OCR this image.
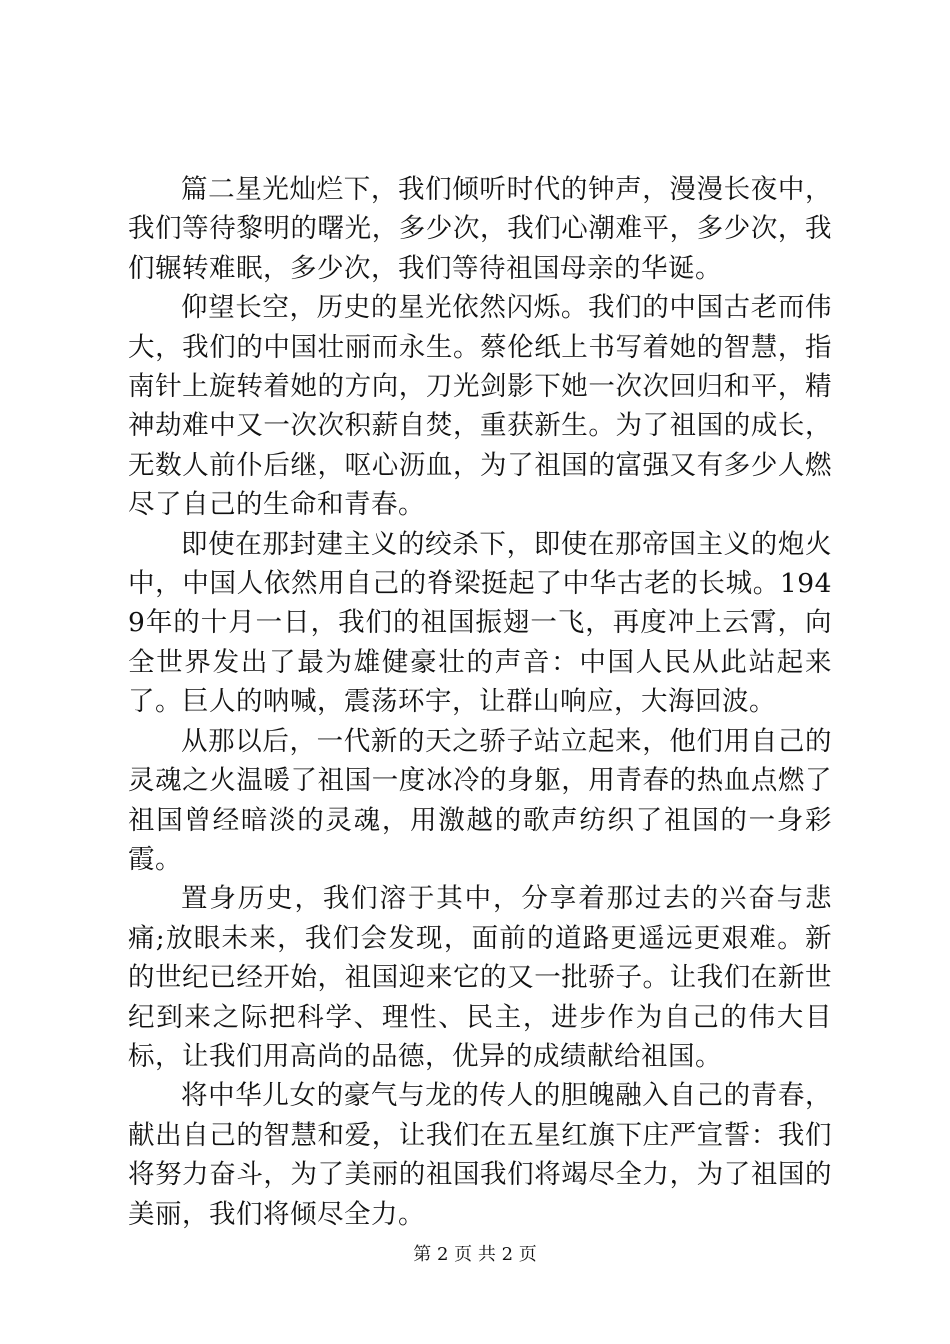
篇二星光灿烂下，我们倾听时代的钟声，漫漫长夜中，我们等待黎明的曙光，多少次，我们心潮难平，多少次，我们辗转难眠，多少次，我们等待祖国母亲的华诞。

仰望长空，历史的星光依然闪烁。我们的中国古老而伟大，我们的中国壮丽而永生。蔡伦纸上书写着她的智慧，指南针上旋转着她的方向，刀光剑影下她一次次回归和平，精神劫难中又一次次积薪自焚，重获新生。为了祖国的成长，无数人前仆后继，呕心沥血，为了祖国的富强又有多少人燃尽了自己的生命和青春。

即使在那封建主义的绞杀下，即使在那帝国主义的炮火中，中国人依然用自己的脊梁挺起了中华古老的长城。1949年的十月一日，我们的祖国振翅一飞，再度冲上云霄，向全世界发出了最为雄健豪壮的声音：中国人民从此站起来了。巨人的呐喊，震荡环宇，让群山响应，大海回波。

从那以后，一代新的天之骄子站立起来，他们用自己的灵魂之火温暖了祖国一度冰冷的身躯，用青春的热血点燃了祖国曾经暗淡的灵魂，用激越的歌声纺织了祖国的一身彩霞。

置身历史，我们溶于其中，分享着那过去的兴奋与悲痛;放眼未来，我们会发现，面前的道路更遥远更艰难。新的世纪已经开始，祖国迎来它的又一批骄子。让我们在新世纪到来之际把科学、理性、民主，进步作为自己的伟大目标，让我们用高尚的品德，优异的成绩献给祖国。

将中华儿女的豪气与龙的传人的胆魄融入自己的青春，献出自己的智慧和爱，让我们在五星红旗下庄严宣誓：我们将努力奋斗，为了美丽的祖国我们将竭尽全力，为了祖国的美丽，我们将倾尽全力。

第 2 页 共 2 页
